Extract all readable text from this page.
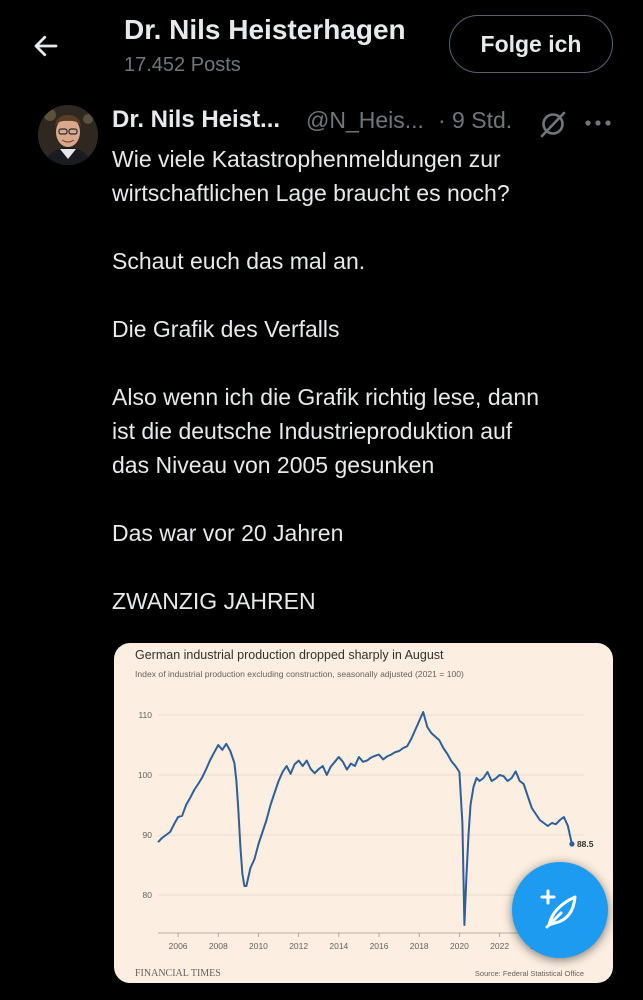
Dr. Nils Heisterhagen
17.452 Posts
Folge ich
Dr. Nils Heist... @N_Heis... · 9 Std.

Wie viele Katastrophenmeldungen zur

wirtschaftlichen Lage braucht es noch?

Schaut euch das mal an.

Die Grafik des Verfalls

Also wenn ich die Grafik richtig lese, dann

ist die deutsche Industrieproduktion auf

das Niveau von 2005 gesunken

Das war vor 20 Jahren

ZWANZIG JAHREN

German industrial production dropped sharply in August
Index of industrial production excluding construction, seasonally adjusted (2021 = 100)
80
90
100
110
2006	2008	2010	2012	2014	2016	2018	2020	2022
88.5
FINANCIAL TIMES	Source: Federal Statistical Office
